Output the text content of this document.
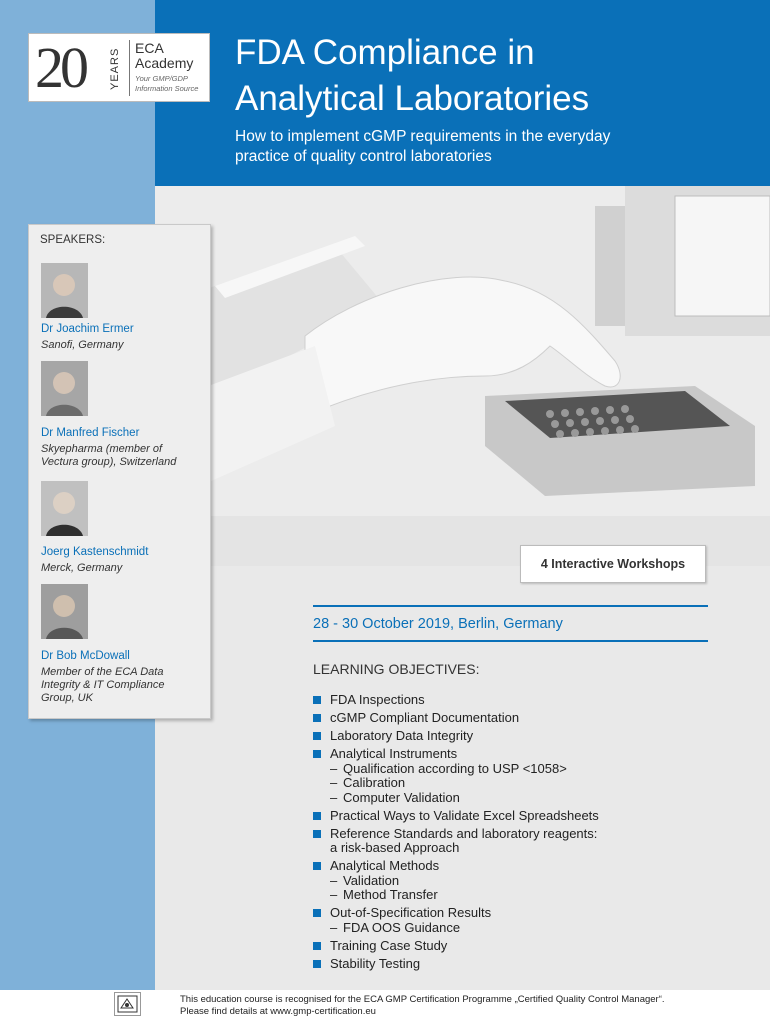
20 YEARS	ECA
Academy
Your GMP/GDP
Information Source
FDA Compliance in
Analytical Laboratories
How to implement cGMP requirements in the everyday
practice of quality control laboratories
SPEAKERS:
Dr Joachim Ermer
Sanofi, Germany
Dr Manfred Fischer
Skyepharma (member of
Vectura group), Switzerland
Joerg Kastenschmidt
Merck, Germany
Dr Bob McDowall
Member of the ECA Data
Integrity & IT Compliance
Group, UK
4 Interactive Workshops
28 - 30 October 2019, Berlin, Germany
LEARNING OBJECTIVES:
FDA Inspections
cGMP Compliant Documentation
Laboratory Data Integrity
Analytical Instruments
– Qualification according to USP <1058>
– Calibration
– Computer Validation
Practical Ways to Validate Excel Spreadsheets
Reference Standards and laboratory reagents:
a risk-based Approach
Analytical Methods
– Validation
– Method Transfer
Out-of-Specification Results
– FDA OOS Guidance
Training Case Study
Stability Testing
This education course is recognised for the ECA GMP Certification Programme „Certified Quality Control Manager“.
Please find details at www.gmp-certification.eu
